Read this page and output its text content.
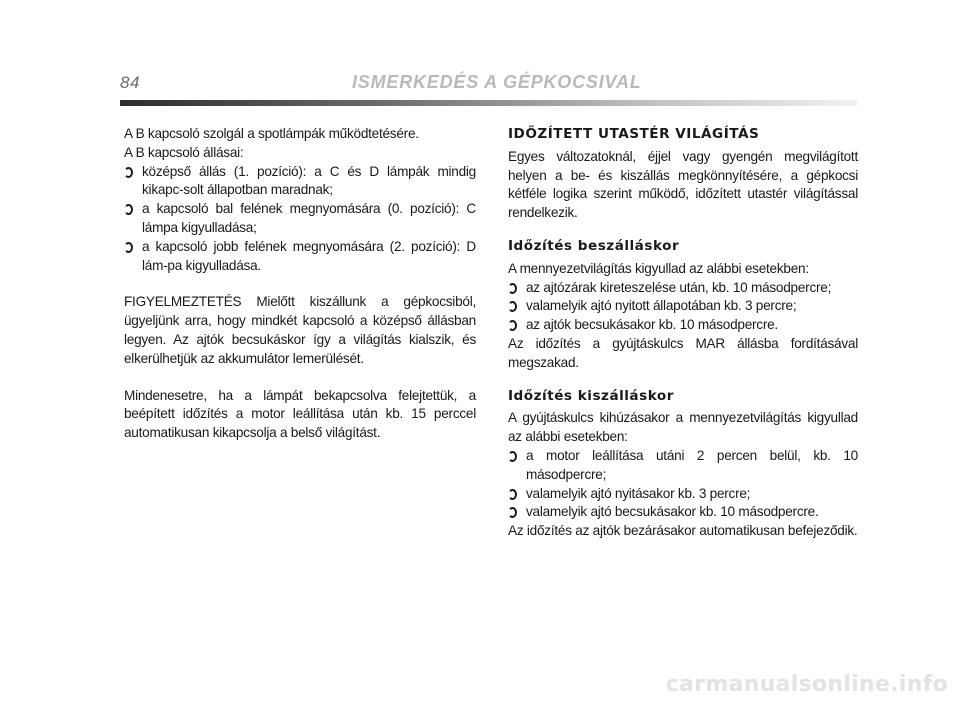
84	ISMERKEDÉS A GÉPKOCSIVAL

A B kapcsoló szolgál a spotlámpák működtetésére.

A B kapcsoló állásai:

középső állás (1. pozíció): a C és D lámpák mindig kikapc-solt állapotban maradnak;
a kapcsoló bal felének megnyomására (0. pozíció): C lámpa kigyulladása;
a kapcsoló jobb felének megnyomására (2. pozíció): D lám-pa kigyulladása.

FIGYELMEZTETÉS Mielőtt kiszállunk a gépkocsiból, ügyeljünk arra, hogy mindkét kapcsoló a középső állásban legyen. Az ajtók becsukáskor így a világítás kialszik, és elkerülhetjük az akkumulátor lemerülését.

Mindenesetre, ha a lámpát bekapcsolva felejtettük, a beépített időzítés a motor leállítása után kb. 15 perccel automatikusan kikapcsolja a belső világítást.

IDŐZÍTETT UTASTÉR VILÁGÍTÁS

Egyes változatoknál, éjjel vagy gyengén megvilágított helyen a be- és kiszállás megkönnyítésére, a gépkocsi kétféle logika szerint működő, időzített utastér világítással rendelkezik.

Időzítés beszálláskor

A mennyezetvilágítás kigyullad az alábbi esetekben:

az ajtózárak kireteszelése után, kb. 10 másodpercre;
valamelyik ajtó nyitott állapotában kb. 3 percre;
az ajtók becsukásakor kb. 10 másodpercre.

Az időzítés a gyújtáskulcs MAR állásba fordításával megszakad.

Időzítés kiszálláskor

A gyújtáskulcs kihúzásakor a mennyezetvilágítás kigyullad az alábbi esetekben:

a motor leállítása utáni 2 percen belül, kb. 10 másodpercre;
valamelyik ajtó nyitásakor kb. 3 percre;
valamelyik ajtó becsukásakor kb. 10 másodpercre.

Az időzítés az ajtók bezárásakor automatikusan befejeződik.

carmanualsonline.info
